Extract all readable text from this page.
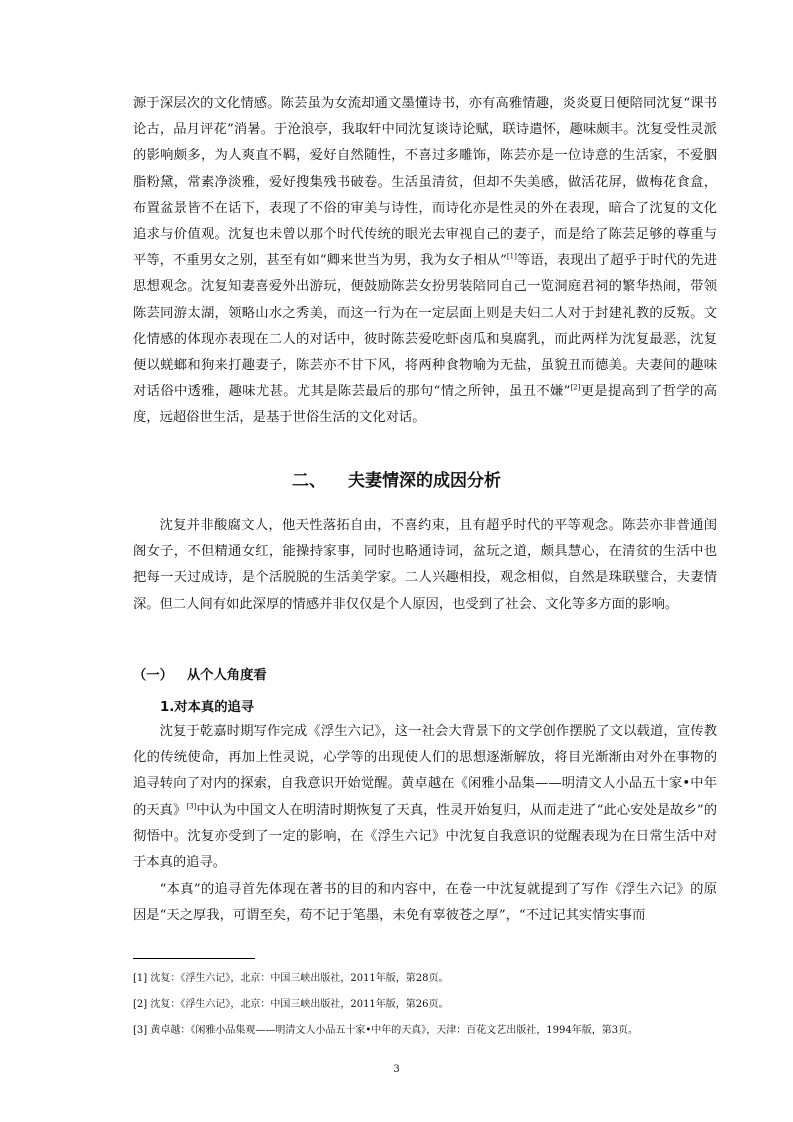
源于深层次的文化情感。陈芸虽为女流却通文墨懂诗书，亦有高雅情趣，炎炎夏日便陪同沈复“课书论古，品月评花”消暑。于沧浪亭，我取轩中同沈复谈诗论赋，联诗遣怀，趣味颇丰。沈复受性灵派的影响颇多，为人爽直不羁，爱好自然随性，不喜过多雕饰，陈芸亦是一位诗意的生活家，不爱胭脂粉黛，常素净淡雅，爱好搜集残书破卷。生活虽清贫，但却不失美感，做活花屏，做梅花食盒，布置盆景皆不在话下，表现了不俗的审美与诗性，而诗化亦是性灵的外在表现，暗合了沈复的文化追求与价值观。沈复也未曾以那个时代传统的眼光去审视自己的妻子，而是给了陈芸足够的尊重与平等，不重男女之别，甚至有如“卿来世当为男，我为女子相从”[1]等语，表现出了超乎于时代的先进思想观念。沈复知妻喜爱外出游玩，便鼓励陈芸女扮男装陪同自己一览洞庭君祠的繁华热闹，带领陈芸同游太湖，领略山水之秀美，而这一行为在一定层面上则是夫妇二人对于封建礼教的反叛。文化情感的体现亦表现在二人的对话中，彼时陈芸爱吃虾卤瓜和臭腐乳，而此两样为沈复最恶，沈复便以蜣螂和狗来打趣妻子，陈芸亦不甘下风，将两种食物喻为无盐，虽貌丑而德美。夫妻间的趣味对话俗中透雅，趣味尤甚。尤其是陈芸最后的那句“情之所钟，虽丑不嫌”[2]更是提高到了哲学的高度，远超俗世生活，是基于世俗生活的文化对话。

二、 夫妻情深的成因分析

沈复并非酸腐文人，他天性落拓自由，不喜约束，且有超乎时代的平等观念。陈芸亦非普通闺阁女子，不但精通女红，能操持家事，同时也略通诗词，盆玩之道，颇具慧心，在清贫的生活中也把每一天过成诗，是个活脱脱的生活美学家。二人兴趣相投，观念相似，自然是珠联璧合，夫妻情深。但二人间有如此深厚的情感并非仅仅是个人原因，也受到了社会、文化等多方面的影响。

（一） 从个人角度看
1.对本真的追寻

沈复于乾嘉时期写作完成《浮生六记》，这一社会大背景下的文学创作摆脱了文以载道，宣传教化的传统使命，再加上性灵说，心学等的出现使人们的思想逐渐解放，将目光渐渐由对外在事物的追寻转向了对内的探索，自我意识开始觉醒。黄卓越在《闲雅小品集——明清文人小品五十家•中年的天真》[3]中认为中国文人在明清时期恢复了天真，性灵开始复归，从而走进了“此心安处是故乡”的彻悟中。沈复亦受到了一定的影响，在《浮生六记》中沈复自我意识的觉醒表现为在日常生活中对于本真的追寻。

“本真”的追寻首先体现在著书的目的和内容中，在卷一中沈复就提到了写作《浮生六记》的原因是“天之厚我，可谓至矣，苟不记于笔墨，未免有辜彼苍之厚”，“不过记其实情实事而

[1] 沈复：《浮生六记》，北京：中国三峡出版社，2011年版，第28页。

[2] 沈复：《浮生六记》，北京：中国三峡出版社，2011年版，第26页。

[3] 黄卓越：《闲雅小品集观——明清文人小品五十家•中年的天真》，天津：百花文艺出版社，1994年版，第3页。

3
